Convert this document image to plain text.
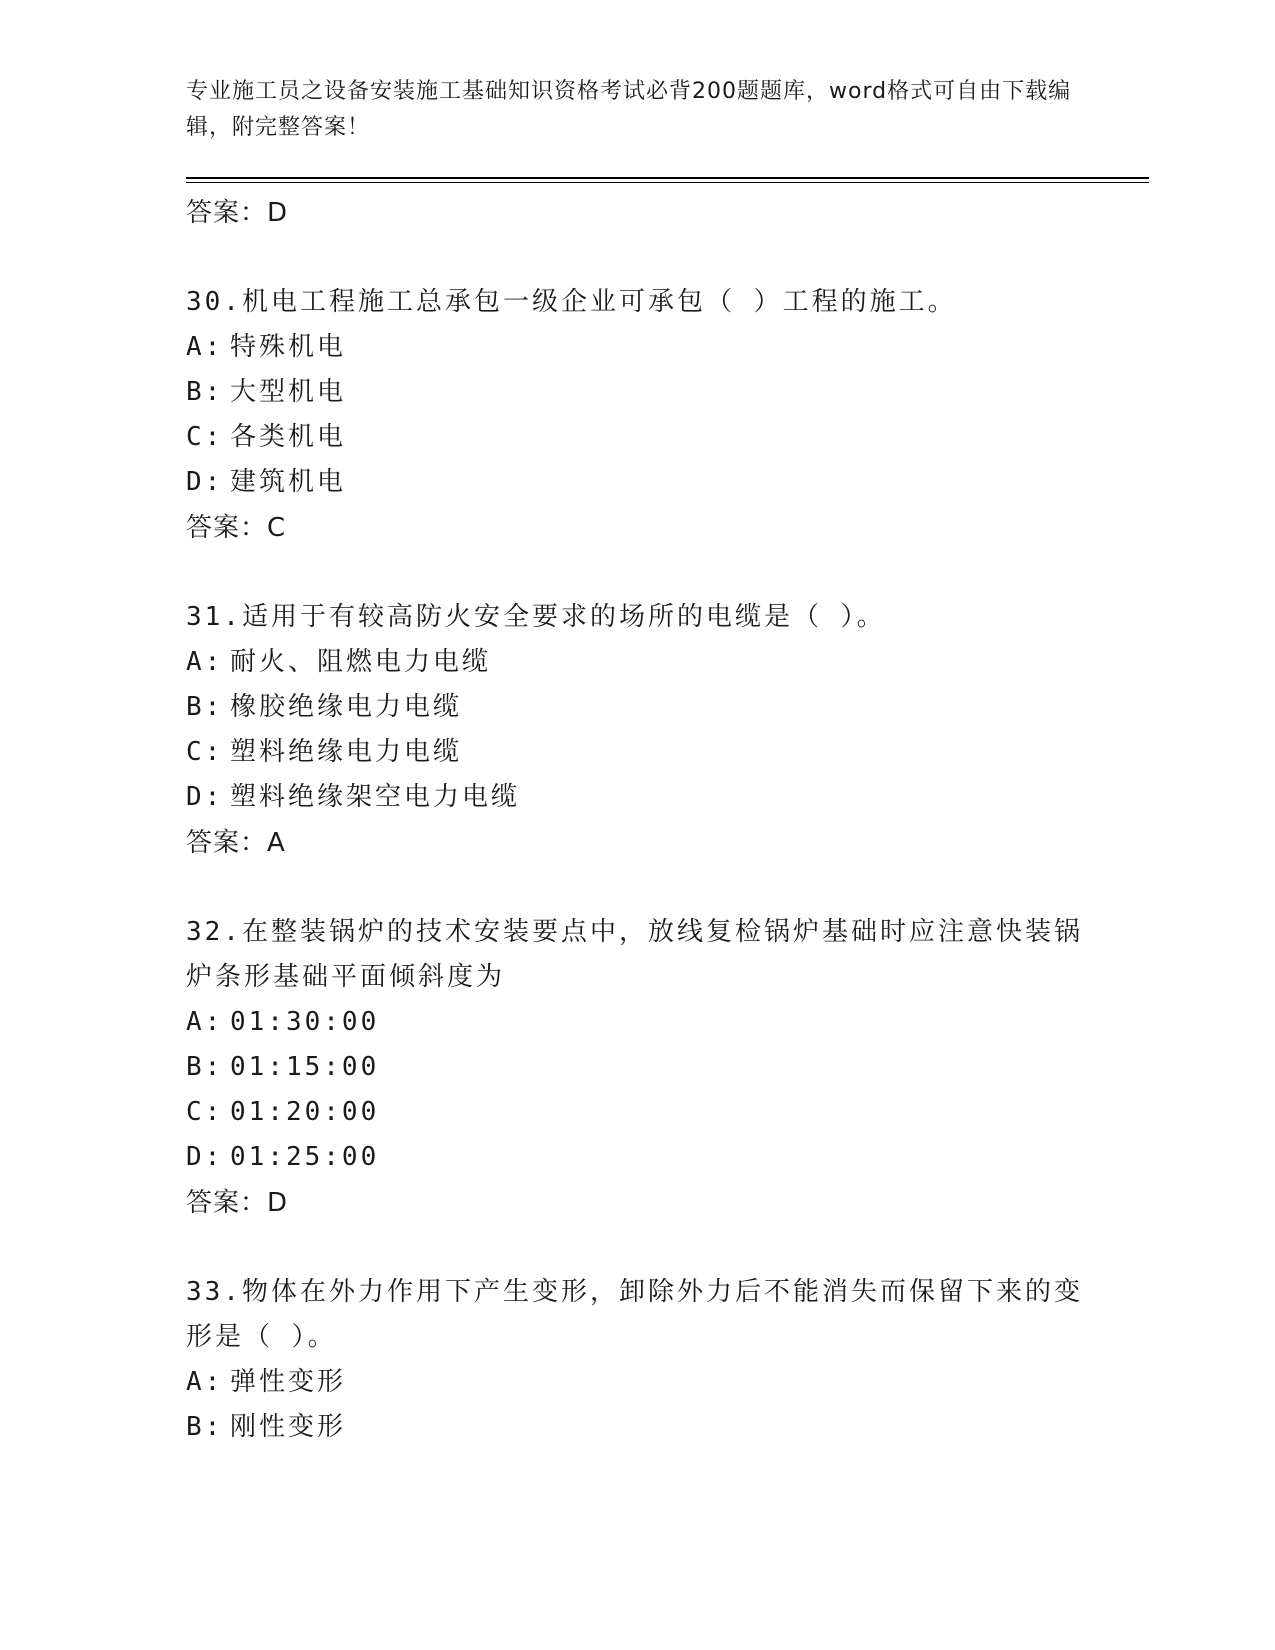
专业施工员之设备安装施工基础知识资格考试必背200题题库，word格式可自由下载编辑，附完整答案！
答案：D
30.机电工程施工总承包一级企业可承包（ ）工程的施工。
A: 特殊机电
B: 大型机电
C: 各类机电
D: 建筑机电
答案：C
31.适用于有较高防火安全要求的场所的电缆是（ ）。
A: 耐火、阻燃电力电缆
B: 橡胶绝缘电力电缆
C: 塑料绝缘电力电缆
D: 塑料绝缘架空电力电缆
答案：A
32.在整装锅炉的技术安装要点中，放线复检锅炉基础时应注意快装锅炉条形基础平面倾斜度为
A: 01:30:00
B: 01:15:00
C: 01:20:00
D: 01:25:00
答案：D
33.物体在外力作用下产生变形，卸除外力后不能消失而保留下来的变形是（ ）。
A: 弹性变形
B: 刚性变形
